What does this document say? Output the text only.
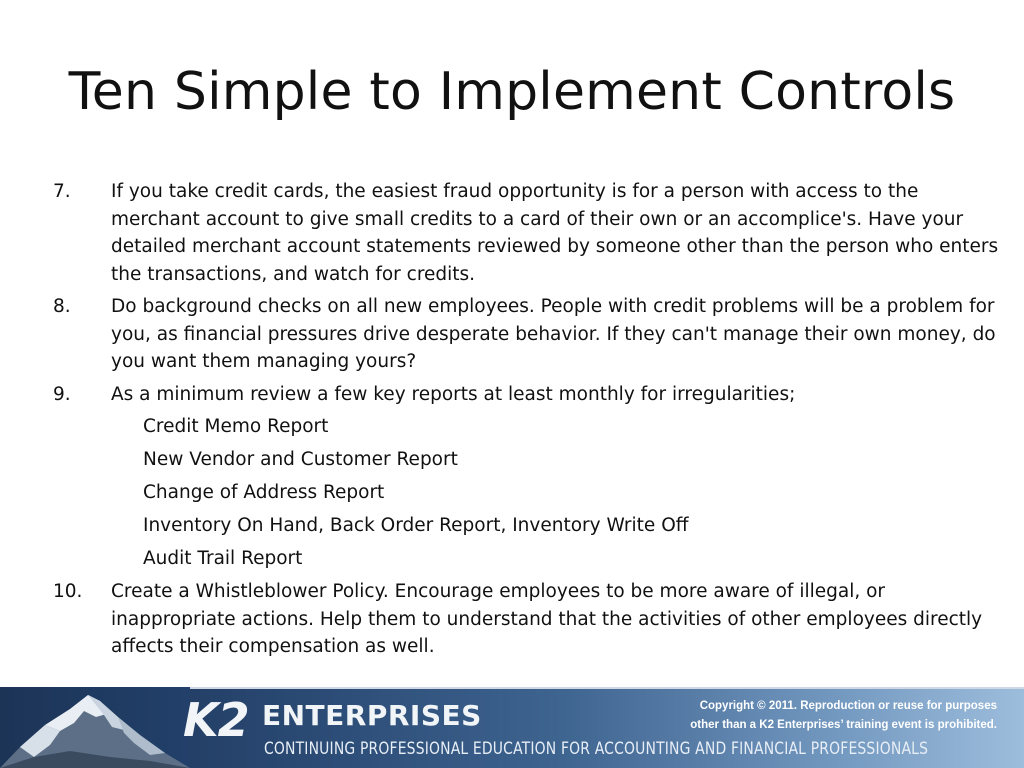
Ten Simple to Implement Controls
7. If you take credit cards, the easiest fraud opportunity is for a person with access to the merchant account to give small credits to a card of their own or an accomplice's. Have your detailed merchant account statements reviewed by someone other than the person who enters the transactions, and watch for credits.
8. Do background checks on all new employees. People with credit problems will be a problem for you, as financial pressures drive desperate behavior. If they can't manage their own money, do you want them managing yours?
9. As a minimum review a few key reports at least monthly for irregularities;
Credit Memo Report
New Vendor and Customer Report
Change of Address Report
Inventory On Hand, Back Order Report, Inventory Write Off
Audit Trail Report
10. Create a Whistleblower Policy. Encourage employees to be more aware of illegal, or inappropriate actions. Help them to understand that the activities of other employees directly affects their compensation as well.
K2 ENTERPRISES
CONTINUING PROFESSIONAL EDUCATION FOR ACCOUNTING AND FINANCIAL PROFESSIONALS
Copyright © 2011. Reproduction or reuse for purposes
other than a K2 Enterprises’ training event is prohibited.
